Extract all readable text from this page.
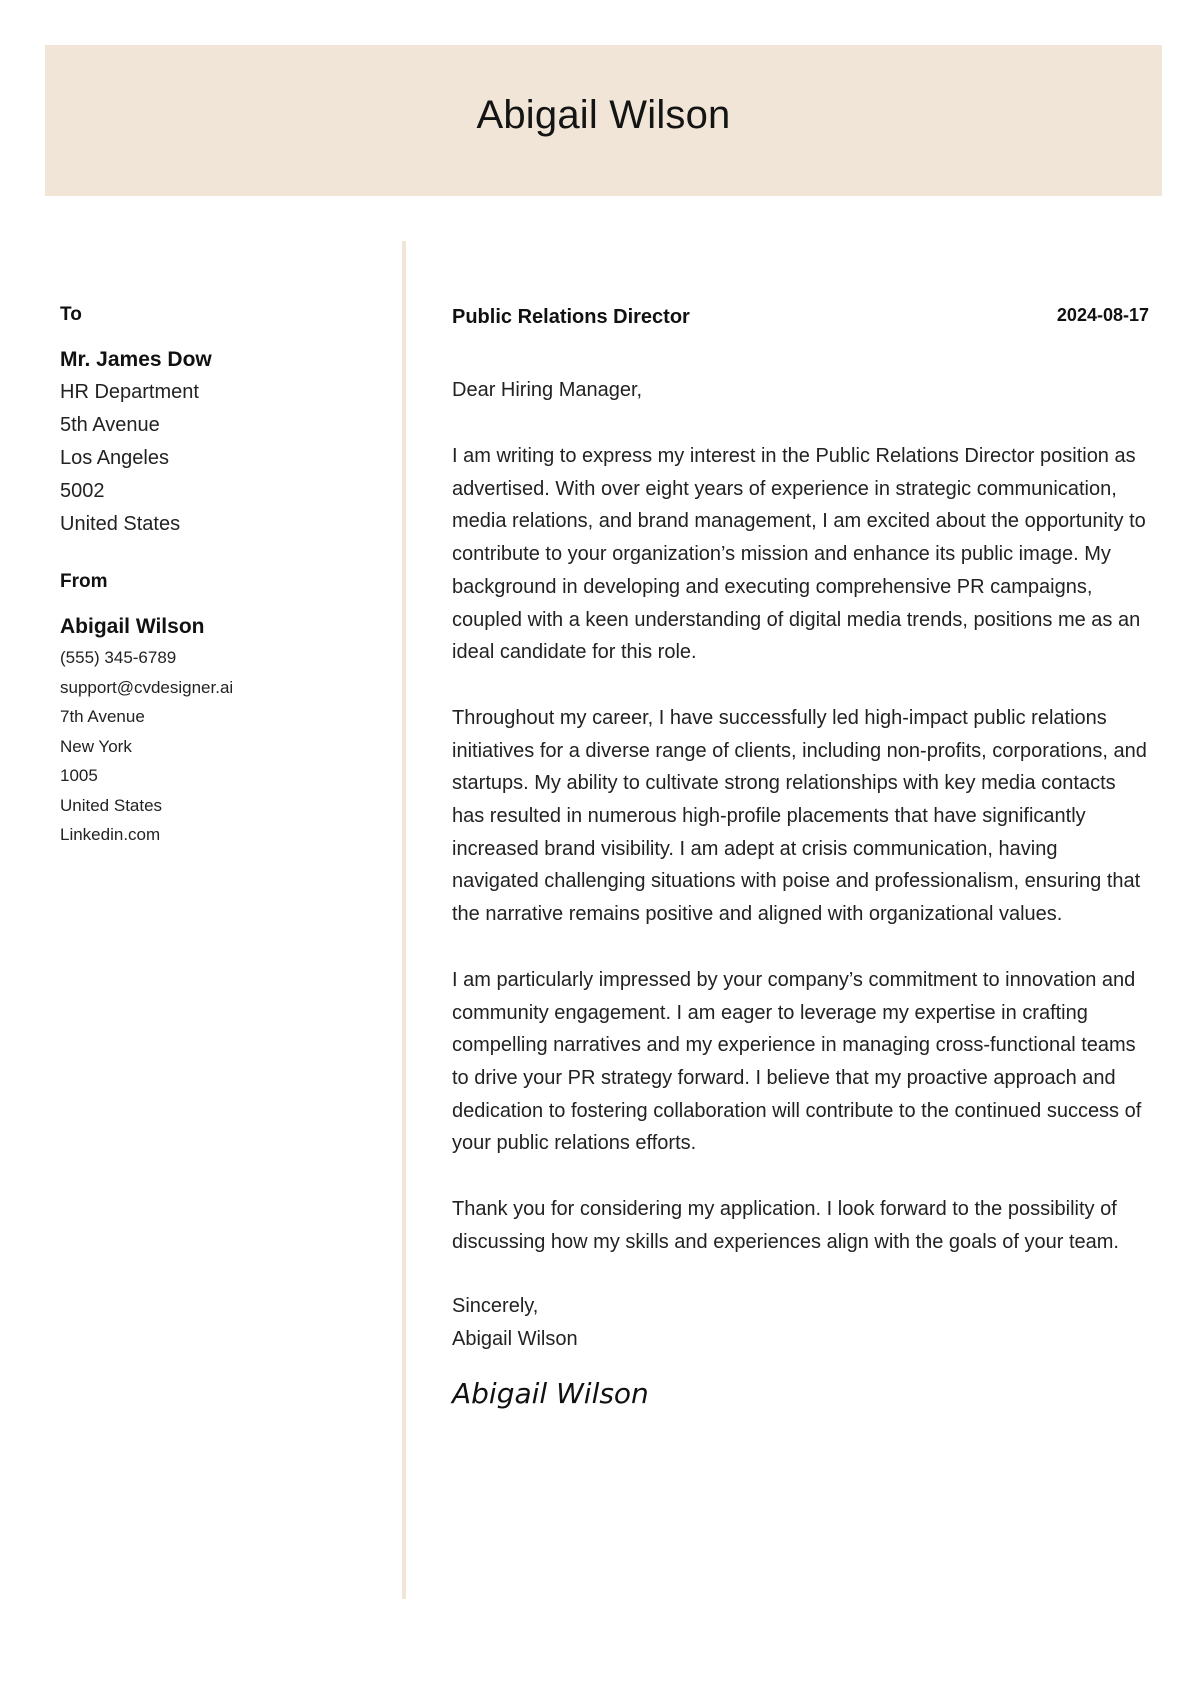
Abigail Wilson
To
Mr. James Dow
HR Department
5th Avenue
Los Angeles
5002
United States
From
Abigail Wilson
(555) 345-6789
support@cvdesigner.ai
7th Avenue
New York
1005
United States
Linkedin.com
Public Relations Director	2024-08-17
Dear Hiring Manager,

I am writing to express my interest in the Public Relations Director position as advertised. With over eight years of experience in strategic communication, media relations, and brand management, I am excited about the opportunity to contribute to your organization’s mission and enhance its public image. My background in developing and executing comprehensive PR campaigns, coupled with a keen understanding of digital media trends, positions me as an ideal candidate for this role.

Throughout my career, I have successfully led high-impact public relations initiatives for a diverse range of clients, including non-profits, corporations, and startups. My ability to cultivate strong relationships with key media contacts has resulted in numerous high-profile placements that have significantly increased brand visibility. I am adept at crisis communication, having navigated challenging situations with poise and professionalism, ensuring that the narrative remains positive and aligned with organizational values.

I am particularly impressed by your company’s commitment to innovation and community engagement. I am eager to leverage my expertise in crafting compelling narratives and my experience in managing cross-functional teams to drive your PR strategy forward. I believe that my proactive approach and dedication to fostering collaboration will contribute to the continued success of your public relations efforts.

Thank you for considering my application. I look forward to the possibility of discussing how my skills and experiences align with the goals of your team.

Sincerely,
Abigail Wilson
Abigail Wilson
